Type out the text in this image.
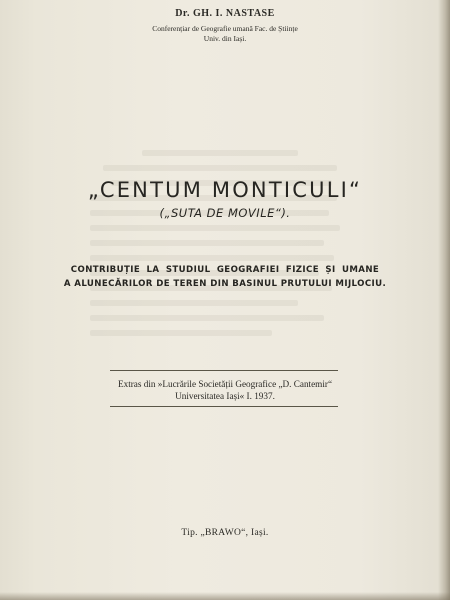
Dr. GH. I. NASTASE
Conferențiar de Geografie umană Fac. de Științe
Univ. din Iași.
„CENTUM MONTICULI“
(„SUTA DE MOVILE“).
CONTRIBUȚIE LA STUDIUL GEOGRAFIEI FIZICE ȘI UMANE
A ALUNECĂRILOR DE TEREN DIN BASINUL PRUTULUI MIJLOCIU.
Extras din »Lucrările Societății Geografice „D. Cantemir“
Universitatea Iași« I. 1937.
Tip. „BRAWO“, Iași.
